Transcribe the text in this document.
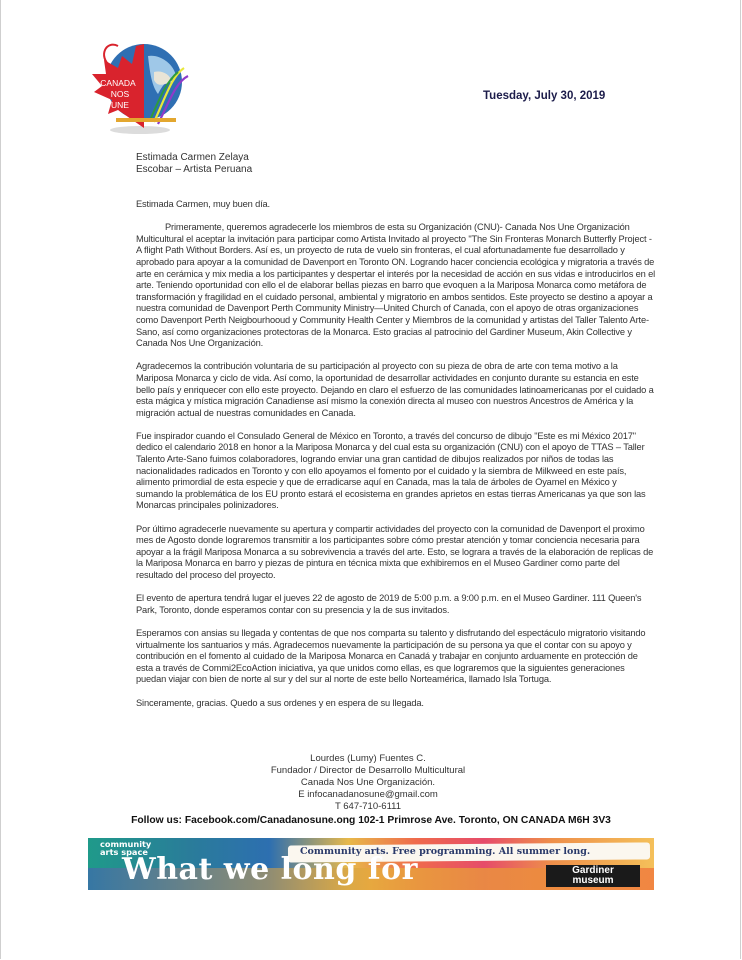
CANADA
NOS
UNE
Tuesday, July 30, 2019
Estimada Carmen Zelaya
Escobar – Artista Peruana

Estimada Carmen, muy buen día.

Primeramente, queremos agradecerle los miembros de esta su Organización (CNU)- Canada Nos Une Organización Multicultural el aceptar la invitación para participar como Artista Invitado al proyecto "The Sin Fronteras Monarch Butterfly Project - A flight Path Without Borders. Así es, un proyecto de ruta de vuelo sin fronteras, el cual afortunadamente fue desarrollado y aprobado para apoyar a la comunidad de Davenport en Toronto ON. Logrando hacer conciencia ecológica y migratoria a través de arte en cerámica y mix media a los participantes y despertar el interés por la necesidad de acción en sus vidas e introducirlos en el arte. Teniendo oportunidad con ello el de elaborar bellas piezas en barro que evoquen a la Mariposa Monarca como metáfora de transformación y fragilidad en el cuidado personal, ambiental y migratorio en ambos sentidos. Este proyecto se destino a apoyar a nuestra comunidad de Davenport Perth Community Ministry—United Church of Canada, con el apoyo de otras organizaciones como Davenport Perth Neigbourhooud y Community Health Center y Miembros de la comunidad y artistas del Taller Talento Arte- Sano, así como organizaciones protectoras de la Monarca. Esto gracias al patrocinio del Gardiner Museum, Akin Collective y Canada Nos Une Organización.

Agradecemos la contribución voluntaria de su participación al proyecto con su pieza de obra de arte con tema motivo a la Mariposa Monarca y ciclo de vida. Así como, la oportunidad de desarrollar actividades en conjunto durante su estancia en este bello país y enriquecer con ello este proyecto. Dejando en claro el esfuerzo de las comunidades latinoamericanas por el cuidado a esta mágica y mística migración Canadiense así mismo la conexión directa al museo con nuestros Ancestros de América y la migración actual de nuestras comunidades en Canada.

Fue inspirador cuando el Consulado General de México en Toronto, a través del concurso de dibujo "Este es mi México 2017" dedico el calendario 2018 en honor a la Mariposa Monarca y del cual esta su organización (CNU) con el apoyo de TTAS – Taller Talento Arte-Sano fuimos colaboradores, logrando enviar una gran cantidad de dibujos realizados por niños de todas las nacionalidades radicados en Toronto y con ello apoyamos el fomento por el cuidado y la siembra de Milkweed en este país, alimento primordial de esta especie y que de erradicarse aquí en Canada, mas la tala de árboles de Oyamel en México y sumando la problemática de los EU pronto estará el ecosistema en grandes aprietos en estas tierras Americanas ya que son las Monarcas principales polinizadores.

Por último agradecerle nuevamente su apertura y compartir actividades del proyecto con la comunidad de Davenport el proximo mes de Agosto donde lograremos transmitir a los participantes sobre cómo prestar atención y tomar conciencia necesaria para apoyar a la frágil Mariposa Monarca a su sobrevivencia a través del arte. Esto, se lograra a través de la elaboración de replicas de la Mariposa Monarca en barro y piezas de pintura en técnica mixta que exhibiremos en el Museo Gardiner como parte del resultado del proceso del proyecto.

El evento de apertura tendrá lugar el jueves 22 de agosto de 2019 de 5:00 p.m. a 9:00 p.m. en el Museo Gardiner. 111 Queen's Park, Toronto, donde esperamos contar con su presencia y la de sus invitados.

Esperamos con ansias su llegada y contentas de que nos comparta su talento y disfrutando del espectáculo migratorio visitando virtualmente los santuarios y más. Agradecemos nuevamente la participación de su persona ya que el contar con su apoyo y contribución en el fomento al cuidado de la Mariposa Monarca en Canadá y trabajar en conjunto arduamente en protección de esta a través de Commi2EcoAction iniciativa, ya que unidos como ellas, es que lograremos que la siguientes generaciones puedan viajar con bien de norte al sur y del sur al norte de este bello Norteamérica, llamado Isla Tortuga.

Sinceramente, gracias. Quedo a sus ordenes y en espera de su llegada.

Lourdes (Lumy) Fuentes C.
Fundador / Director de Desarrollo Multicultural
Canada Nos Une Organización.
E infocanadanosune@gmail.com
T 647-710-6111
Follow us: Facebook.com/Canadanosune.ong 102-1 Primrose Ave. Toronto, ON CANADA M6H 3V3
Community arts. Free programming. All summer long.
community
arts space
What we long for	Gardiner
museum
